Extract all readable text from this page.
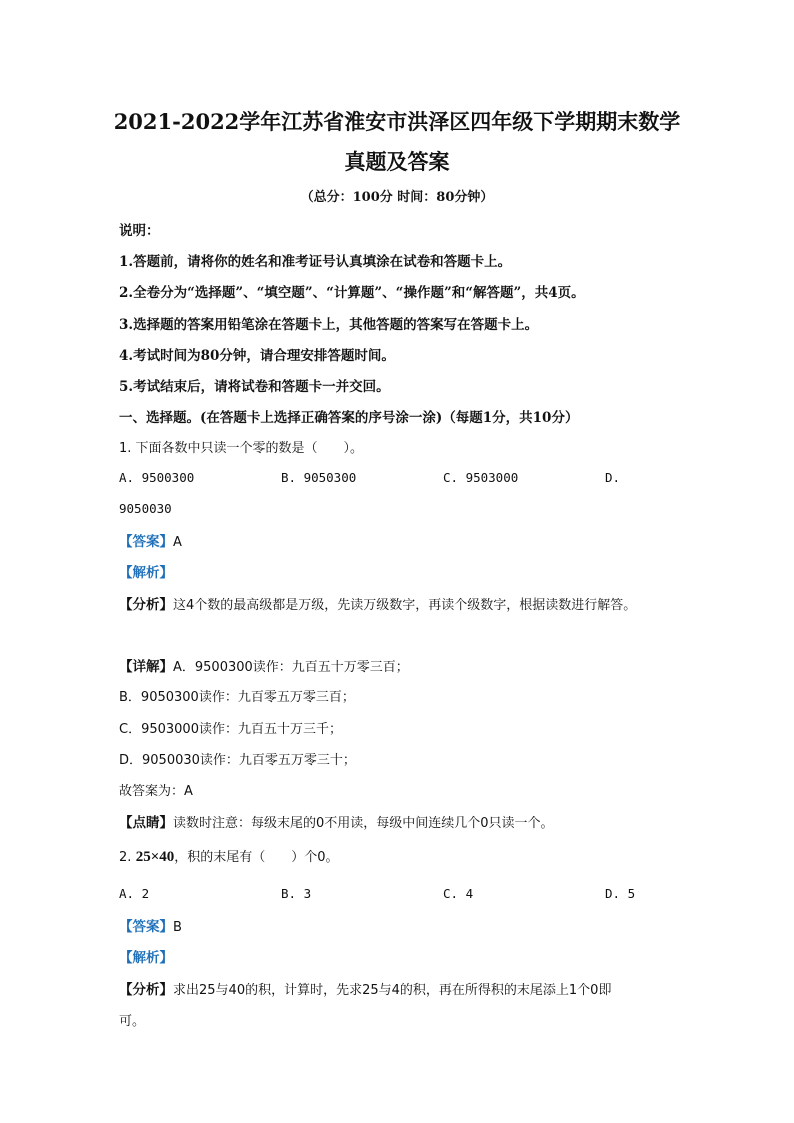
2021-2022学年江苏省淮安市洪泽区四年级下学期期末数学
真题及答案
（总分：100分 时间：80分钟）
说明：
1.答题前，请将你的姓名和准考证号认真填涂在试卷和答题卡上。
2.全卷分为“选择题”、“填空题”、“计算题”、“操作题”和“解答题”，共4页。
3.选择题的答案用铅笔涂在答题卡上，其他答题的答案写在答题卡上。
4.考试时间为80分钟，请合理安排答题时间。
5.考试结束后，请将试卷和答题卡一并交回。
一、选择题。(在答题卡上选择正确答案的序号涂一涂)（每题1分，共10分）
1. 下面各数中只读一个零的数是（　　）。
A. 9500300	B. 9050300	C. 9503000	D.
9050030
【答案】A
【解析】
【分析】这4个数的最高级都是万级，先读万级数字，再读个级数字，根据读数进行解答。
【详解】A．9500300读作：九百五十万零三百；
B．9050300读作：九百零五万零三百；
C．9503000读作：九百五十万三千；
D．9050030读作：九百零五万零三十；
故答案为：A
【点睛】读数时注意：每级末尾的0不用读，每级中间连续几个0只读一个。
2. 25×40，积的末尾有（　　）个0。
A. 2	B. 3	C. 4	D. 5
【答案】B
【解析】
【分析】求出25与40的积，计算时，先求25与4的积，再在所得积的末尾添上1个0即
可。
